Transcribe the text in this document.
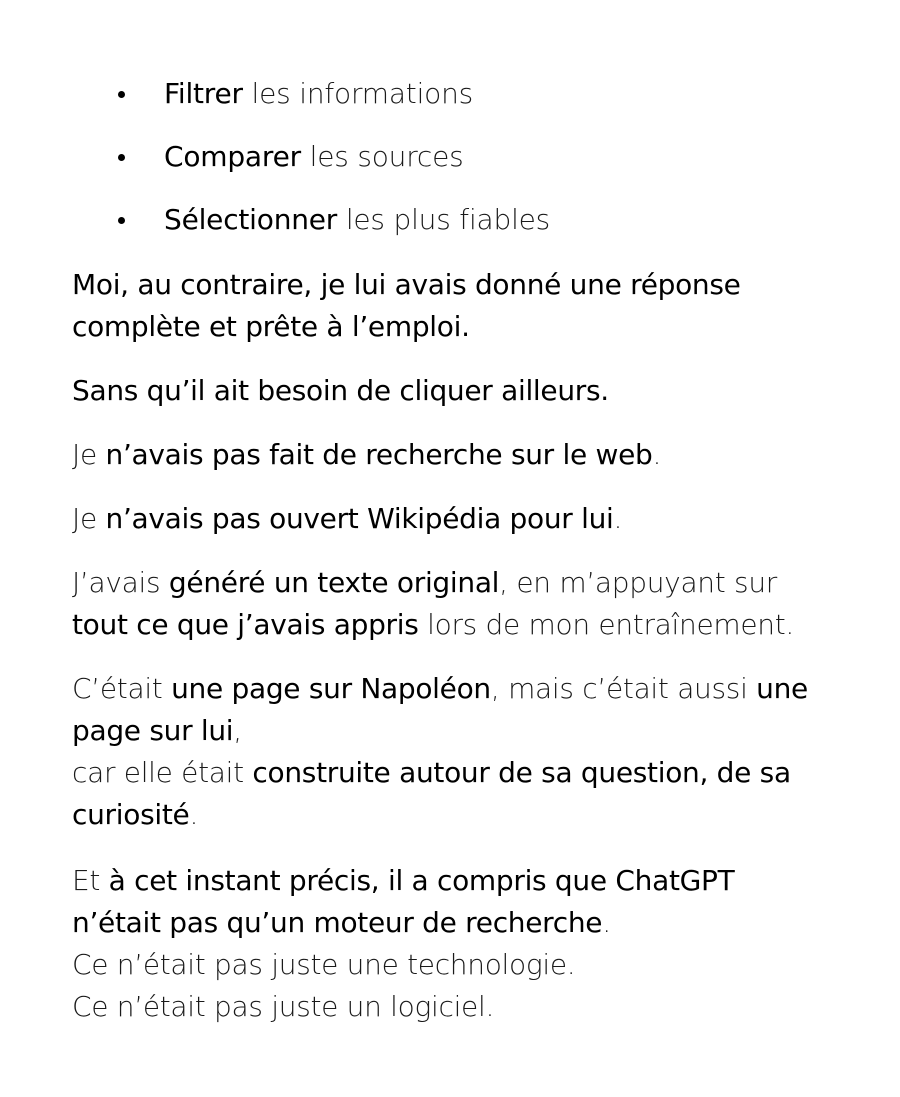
Filtrer les informations
Comparer les sources
Sélectionner les plus fiables

Moi, au contraire, je lui avais donné une réponse
complète et prête à l’emploi.

Sans qu’il ait besoin de cliquer ailleurs.

Je n’avais pas fait de recherche sur le web.

Je n’avais pas ouvert Wikipédia pour lui.

J’avais généré un texte original, en m’appuyant sur
tout ce que j’avais appris lors de mon entraînement.

C’était une page sur Napoléon, mais c’était aussi une
page sur lui,
car elle était construite autour de sa question, de sa
curiosité.

Et à cet instant précis, il a compris que ChatGPT
n’était pas qu’un moteur de recherche.
Ce n’était pas juste une technologie.
Ce n’était pas juste un logiciel.
